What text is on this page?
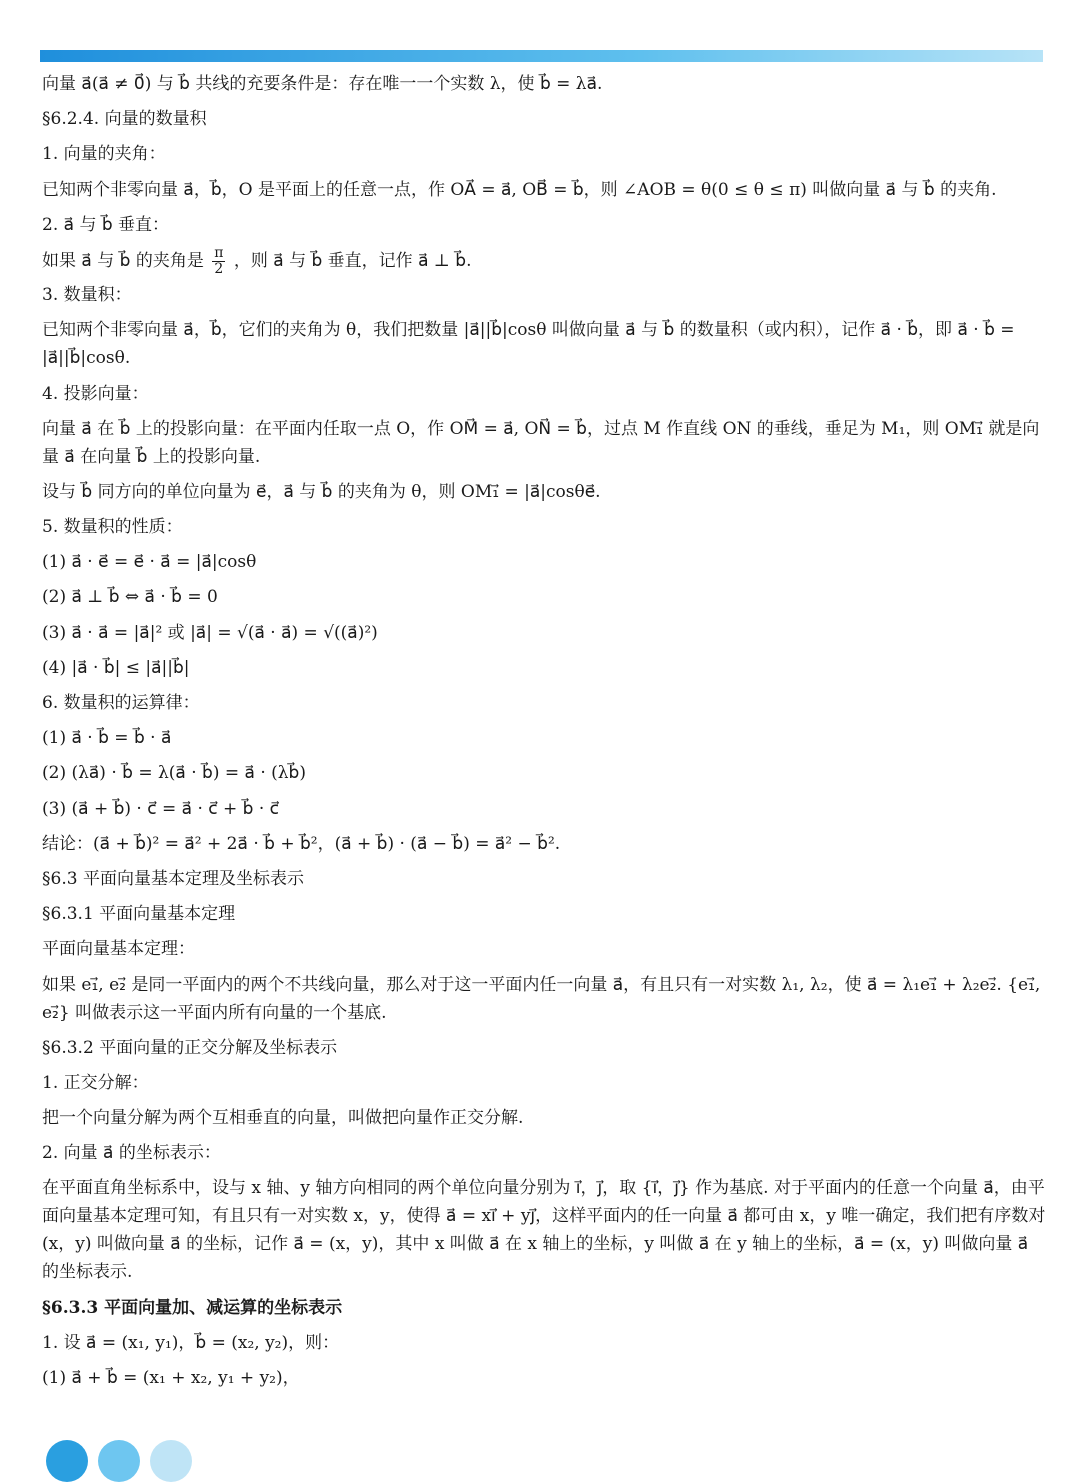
向量 a⃗(a⃗ ≠ 0⃗) 与 b⃗ 共线的充要条件是：存在唯一一个实数 λ，使 b⃗ = λa⃗.
§6.2.4. 向量的数量积
1. 向量的夹角：
已知两个非零向量 a⃗，b⃗，O 是平面上的任意一点，作 OA⃗ = a⃗, OB⃗ = b⃗，则 ∠AOB = θ(0 ≤ θ ≤ π) 叫做向量 a⃗ 与 b⃗ 的夹角.
2. a⃗ 与 b⃗ 垂直：
如果 a⃗ 与 b⃗ 的夹角是 $\frac{\pi}{2}$ ，则 a⃗ 与 b⃗ 垂直，记作 a⃗ ⊥ b⃗.
3. 数量积：
已知两个非零向量 a⃗，b⃗，它们的夹角为 θ，我们把数量 |a⃗||b⃗|cosθ 叫做向量 a⃗ 与 b⃗ 的数量积（或内积），记作 a⃗ · b⃗，即 a⃗ · b⃗ = |a⃗||b⃗|cosθ.
4. 投影向量：
向量 a⃗ 在 b⃗ 上的投影向量：在平面内任取一点 O，作 OM⃗ = a⃗, ON⃗ = b⃗，过点 M 作直线 ON 的垂线，垂足为 M₁，则 OM₁⃗ 就是向量 a⃗ 在向量 b⃗ 上的投影向量.
设与 b⃗ 同方向的单位向量为 e⃗，a⃗ 与 b⃗ 的夹角为 θ，则 OM₁⃗ = |a⃗|cosθe⃗.
5. 数量积的性质：
(1) a⃗ · e⃗ = e⃗ · a⃗ = |a⃗|cosθ
(2) a⃗ ⊥ b⃗ ⇔ a⃗ · b⃗ = 0
(3) a⃗ · a⃗ = |a⃗|² 或 |a⃗| = √(a⃗ · a⃗) = √((a⃗)²)
(4) |a⃗ · b⃗| ≤ |a⃗||b⃗|
6. 数量积的运算律：
(1) a⃗ · b⃗ = b⃗ · a⃗
(2) (λa⃗) · b⃗ = λ(a⃗ · b⃗) = a⃗ · (λb⃗)
(3) (a⃗ + b⃗) · c⃗ = a⃗ · c⃗ + b⃗ · c⃗
结论：(a⃗ + b⃗)² = a⃗² + 2a⃗ · b⃗ + b⃗²，(a⃗ + b⃗) · (a⃗ − b⃗) = a⃗² − b⃗².
§6.3 平面向量基本定理及坐标表示
§6.3.1 平面向量基本定理
平面向量基本定理：
如果 e₁⃗, e₂⃗ 是同一平面内的两个不共线向量，那么对于这一平面内任一向量 a⃗，有且只有一对实数 λ₁, λ₂，使 a⃗ = λ₁e₁⃗ + λ₂e₂⃗. {e₁⃗, e₂⃗} 叫做表示这一平面内所有向量的一个基底.
§6.3.2 平面向量的正交分解及坐标表示
1. 正交分解：
把一个向量分解为两个互相垂直的向量，叫做把向量作正交分解.
2. 向量 a⃗ 的坐标表示：
在平面直角坐标系中，设与 x 轴、y 轴方向相同的两个单位向量分别为 i⃗，j⃗，取 {i⃗，j⃗} 作为基底. 对于平面内的任意一个向量 a⃗，由平面向量基本定理可知，有且只有一对实数 x，y，使得 a⃗ = xi⃗ + yj⃗，这样平面内的任一向量 a⃗ 都可由 x，y 唯一确定，我们把有序数对 (x，y) 叫做向量 a⃗ 的坐标，记作 a⃗ = (x，y)，其中 x 叫做 a⃗ 在 x 轴上的坐标，y 叫做 a⃗ 在 y 轴上的坐标，a⃗ = (x，y) 叫做向量 a⃗ 的坐标表示.
§6.3.3 平面向量加、减运算的坐标表示
1. 设 a⃗ = (x₁, y₁)，b⃗ = (x₂, y₂)，则：
(1) a⃗ + b⃗ = (x₁ + x₂, y₁ + y₂)，
